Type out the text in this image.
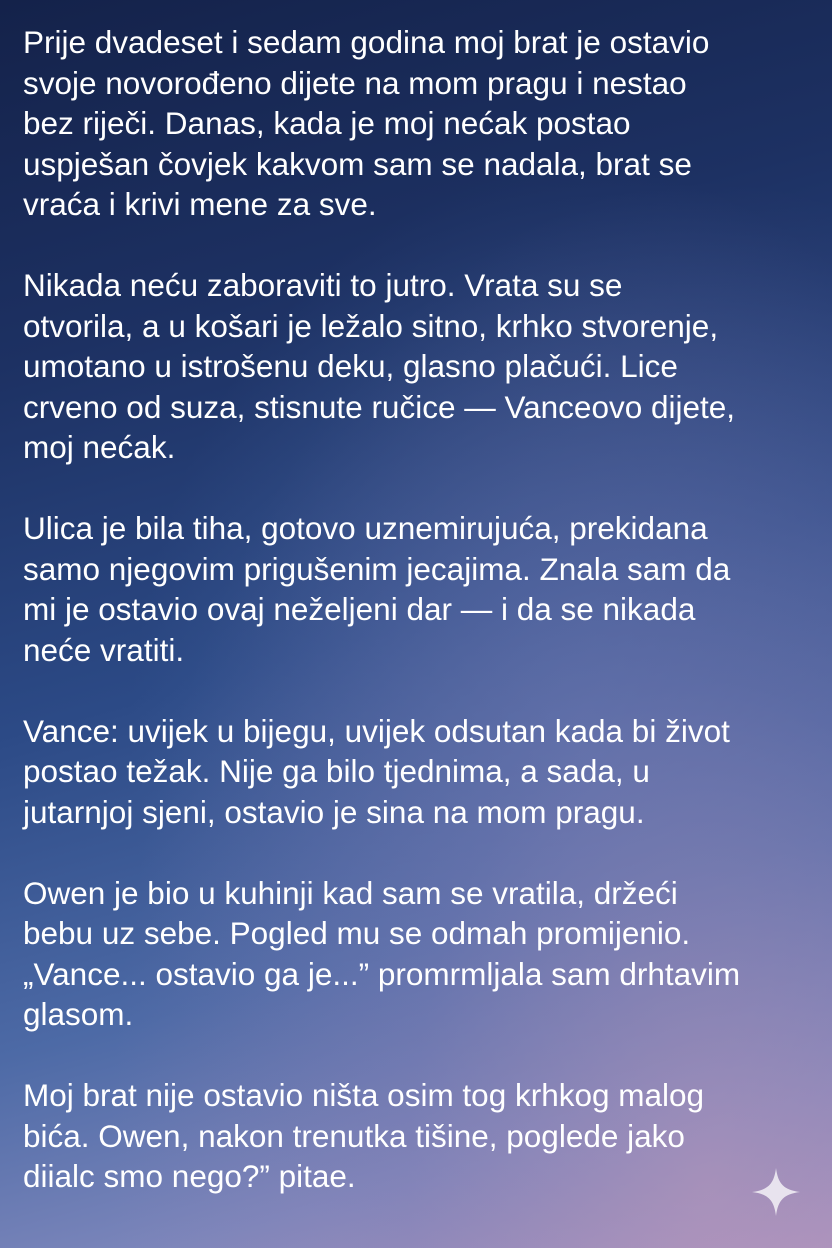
Prije dvadeset i sedam godina moj brat je ostavio
svoje novorođeno dijete na mom pragu i nestao
bez riječi. Danas, kada je moj nećak postao
uspješan čovjek kakvom sam se nadala, brat se
vraća i krivi mene za sve.

Nikada neću zaboraviti to jutro. Vrata su se
otvorila, a u košari je ležalo sitno, krhko stvorenje,
umotano u istrošenu deku, glasno plačući. Lice
crveno od suza, stisnute ručice — Vanceovo dijete,
moj nećak.

Ulica je bila tiha, gotovo uznemirujuća, prekidana
samo njegovim prigušenim jecajima. Znala sam da
mi je ostavio ovaj neželjeni dar — i da se nikada
neće vratiti.

Vance: uvijek u bijegu, uvijek odsutan kada bi život
postao težak. Nije ga bilo tjednima, a sada, u
jutarnjoj sjeni, ostavio je sina na mom pragu.

Owen je bio u kuhinji kad sam se vratila, držeći
bebu uz sebe. Pogled mu se odmah promijenio.
„Vance... ostavio ga je...” promrmljala sam drhtavim
glasom.

Moj brat nije ostavio ništa osim tog krhkog malog
bića. Owen, nakon trenutka tišine, poglede jako
diialc smo nego?” pitae.
